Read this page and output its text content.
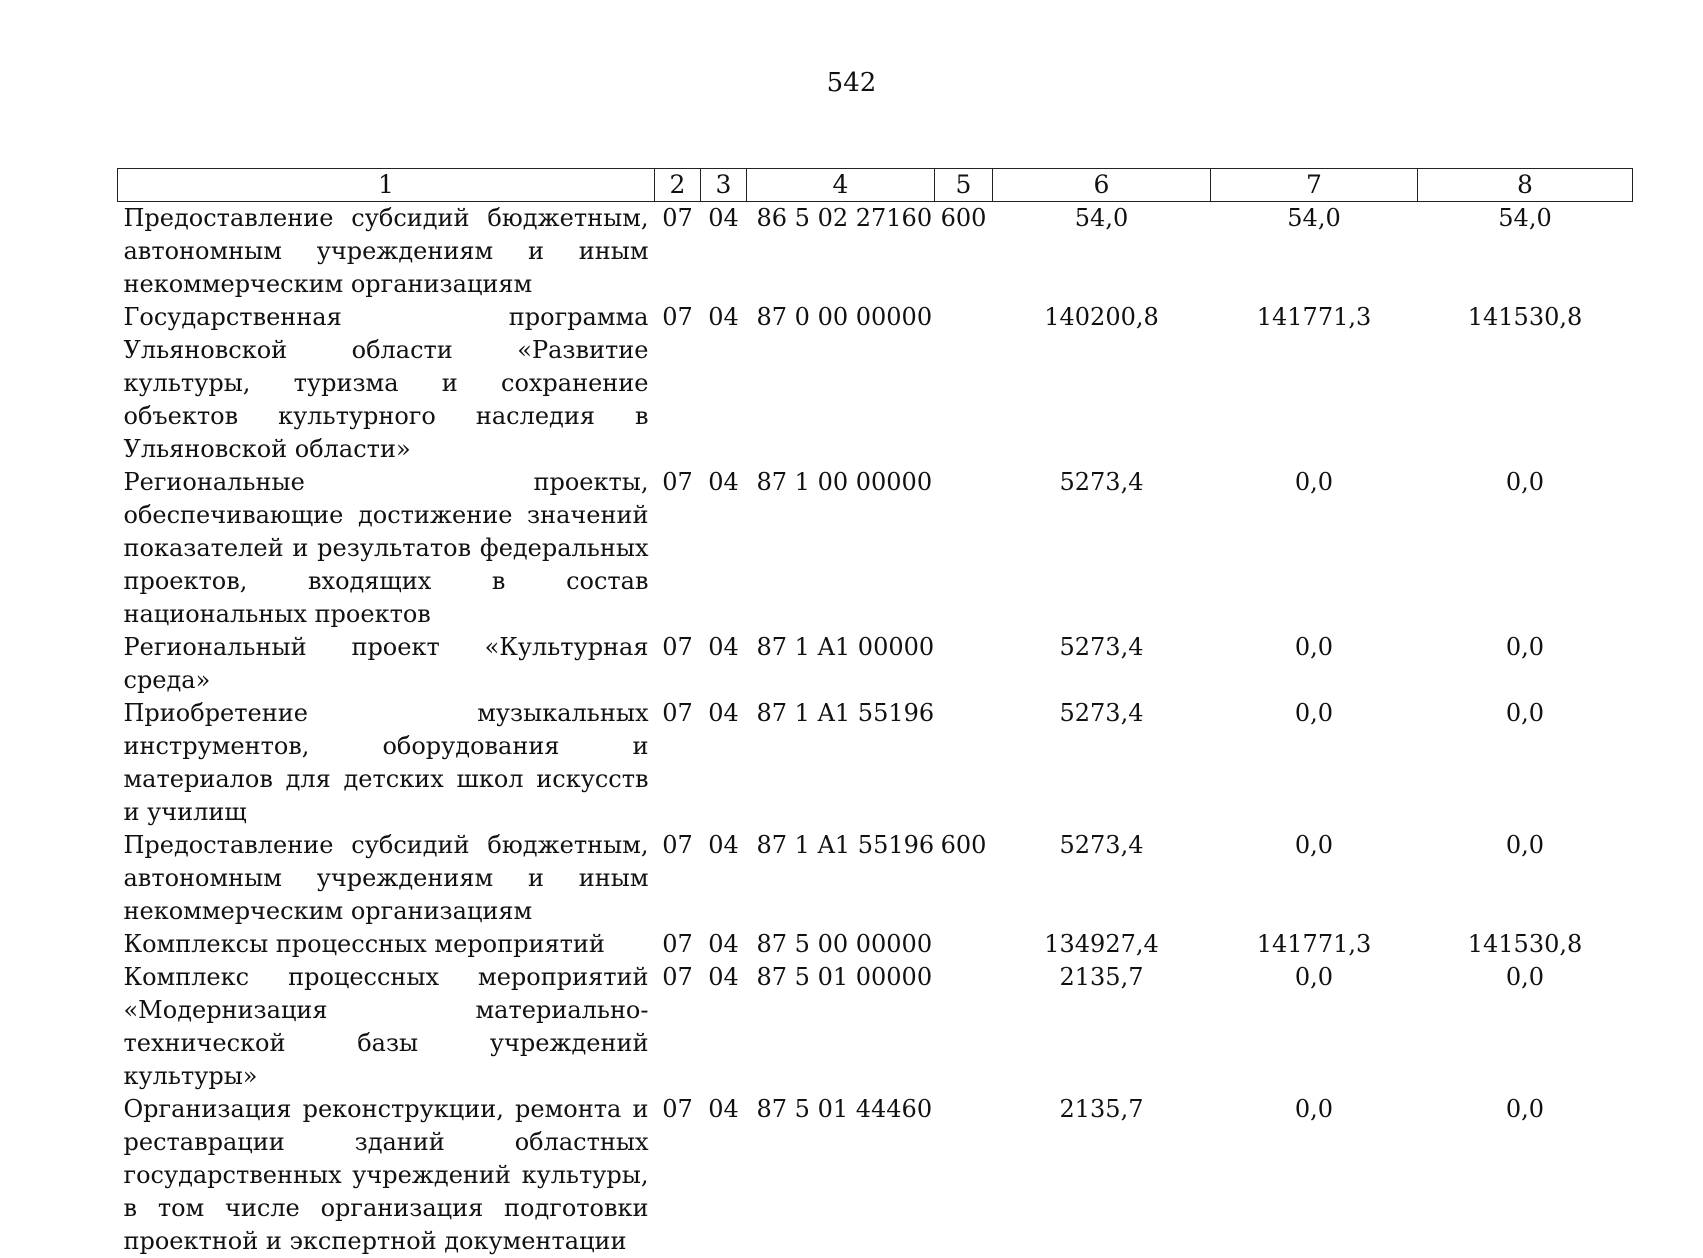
542
1	2	3	4	5	6	7	8
Предоставление субсидий бюджетным, автономным учреждениям и иным некоммерческим организациям	07	04	86 5 02 27160	600	54,0	54,0	54,0
Государственная программа Ульяновской области «Развитие культуры, туризма и сохранение объектов культурного наследия в Ульяновской области»	07	04	87 0 00 00000		140200,8	141771,3	141530,8
Региональные проекты, обеспечивающие достижение значений показателей и результатов федеральных проектов, входящих в состав национальных проектов	07	04	87 1 00 00000		5273,4	0,0	0,0
Региональный проект «Культурная среда»	07	04	87 1 A1 00000		5273,4	0,0	0,0
Приобретение музыкальных инструментов, оборудования и материалов для детских школ искусств и училищ	07	04	87 1 A1 55196		5273,4	0,0	0,0
Предоставление субсидий бюджетным, автономным учреждениям и иным некоммерческим организациям	07	04	87 1 A1 55196	600	5273,4	0,0	0,0
Комплексы процессных мероприятий	07	04	87 5 00 00000		134927,4	141771,3	141530,8
Комплекс процессных мероприятий «Модернизация материально-технической базы учреждений культуры»	07	04	87 5 01 00000		2135,7	0,0	0,0
Организация реконструкции, ремонта и реставрации зданий областных государственных учреждений культуры, в том числе организация подготовки проектной и экспертной документации	07	04	87 5 01 44460		2135,7	0,0	0,0
